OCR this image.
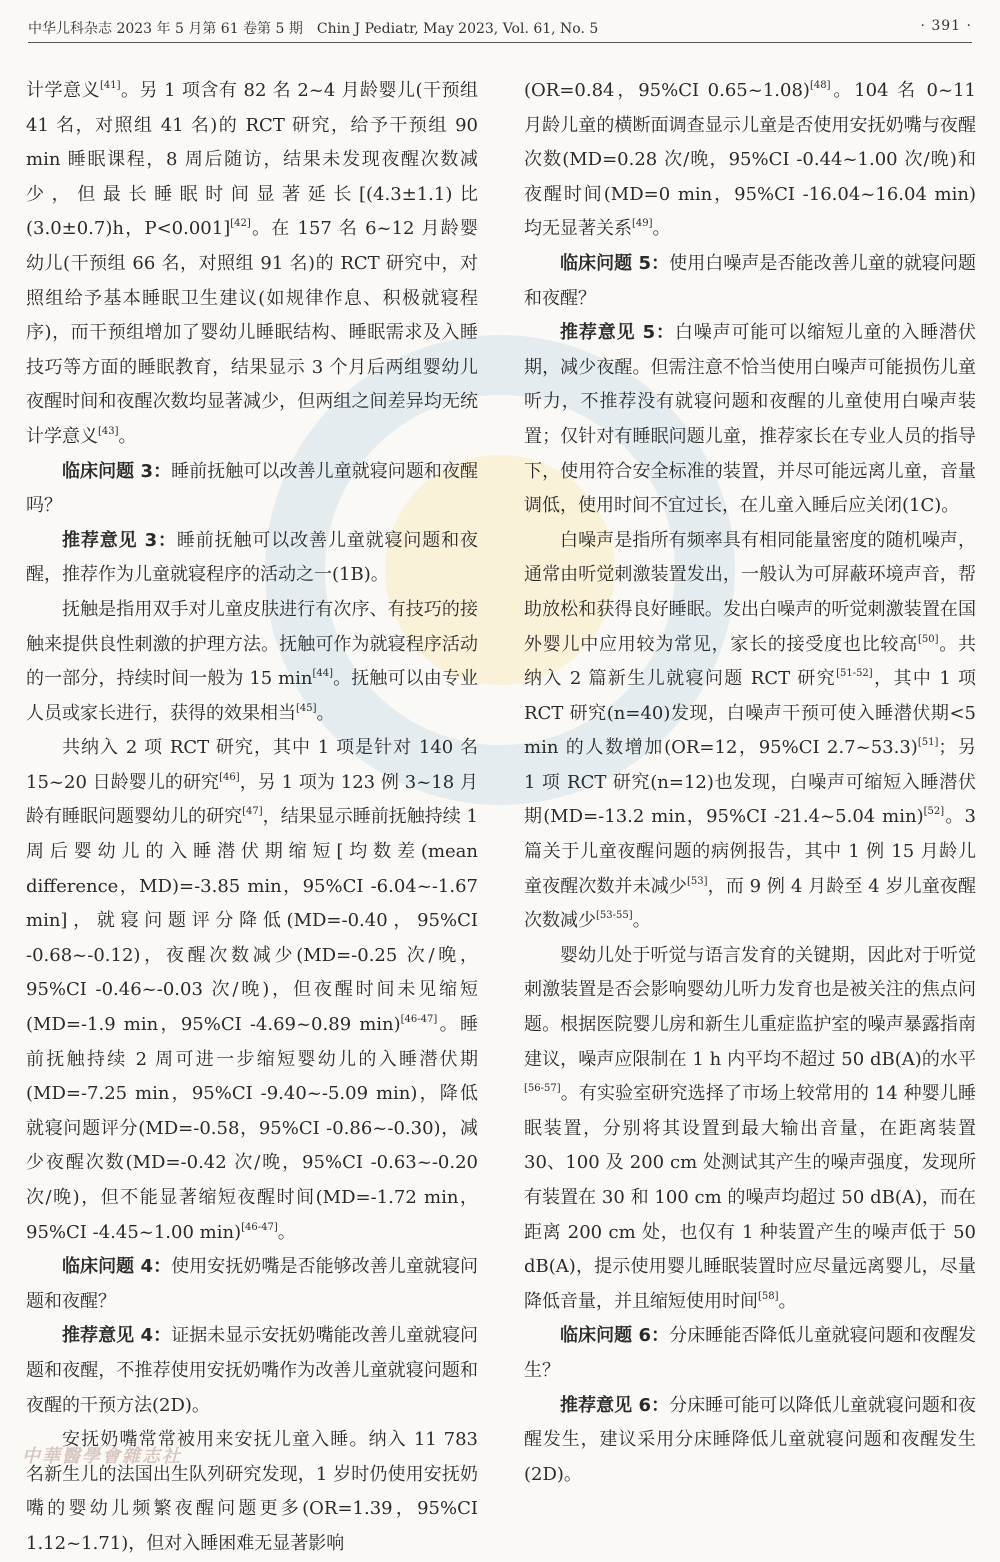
中华儿科杂志 2023 年 5 月第 61 卷第 5 期　Chin J Pediatr, May 2023, Vol. 61, No. 5	· 391 ·

计学意义[41]。另 1 项含有 82 名 2~4 月龄婴儿(干预组 41 名，对照组 41 名)的 RCT 研究，给予干预组 90 min 睡眠课程，8 周后随访，结果未发现夜醒次数减少，但最长睡眠时间显著延长[(4.3±1.1)比(3.0±0.7)h，P<0.001][42]。在 157 名 6~12 月龄婴幼儿(干预组 66 名，对照组 91 名)的 RCT 研究中，对照组给予基本睡眠卫生建议(如规律作息、积极就寝程序)，而干预组增加了婴幼儿睡眠结构、睡眠需求及入睡技巧等方面的睡眠教育，结果显示 3 个月后两组婴幼儿夜醒时间和夜醒次数均显著减少，但两组之间差异均无统计学意义[43]。

临床问题 3：睡前抚触可以改善儿童就寝问题和夜醒吗？

推荐意见 3：睡前抚触可以改善儿童就寝问题和夜醒，推荐作为儿童就寝程序的活动之一(1B)。

抚触是指用双手对儿童皮肤进行有次序、有技巧的接触来提供良性刺激的护理方法。抚触可作为就寝程序活动的一部分，持续时间一般为 15 min[44]。抚触可以由专业人员或家长进行，获得的效果相当[45]。

共纳入 2 项 RCT 研究，其中 1 项是针对 140 名 15~20 日龄婴儿的研究[46]，另 1 项为 123 例 3~18 月龄有睡眠问题婴幼儿的研究[47]，结果显示睡前抚触持续 1 周后婴幼儿的入睡潜伏期缩短[均数差(mean difference，MD)=-3.85 min，95%CI -6.04~-1.67 min]，就寝问题评分降低(MD=-0.40，95%CI -0.68~-0.12)，夜醒次数减少(MD=-0.25 次/晚，95%CI -0.46~-0.03 次/晚)，但夜醒时间未见缩短(MD=-1.9 min，95%CI -4.69~0.89 min)[46-47]。睡前抚触持续 2 周可进一步缩短婴幼儿的入睡潜伏期(MD=-7.25 min，95%CI -9.40~-5.09 min)，降低就寝问题评分(MD=-0.58，95%CI -0.86~-0.30)，减少夜醒次数(MD=-0.42 次/晚，95%CI -0.63~-0.20 次/晚)，但不能显著缩短夜醒时间(MD=-1.72 min，95%CI -4.45~1.00 min)[46-47]。

临床问题 4：使用安抚奶嘴是否能够改善儿童就寝问题和夜醒？

推荐意见 4：证据未显示安抚奶嘴能改善儿童就寝问题和夜醒，不推荐使用安抚奶嘴作为改善儿童就寝问题和夜醒的干预方法(2D)。

安抚奶嘴常常被用来安抚儿童入睡。纳入 11 783 名新生儿的法国出生队列研究发现，1 岁时仍使用安抚奶嘴的婴幼儿频繁夜醒问题更多(OR=1.39，95%CI 1.12~1.71)，但对入睡困难无显著影响

(OR=0.84，95%CI 0.65~1.08)[48]。104 名 0~11 月龄儿童的横断面调查显示儿童是否使用安抚奶嘴与夜醒次数(MD=0.28 次/晚，95%CI -0.44~1.00 次/晚)和夜醒时间(MD=0 min，95%CI -16.04~16.04 min)均无显著关系[49]。

临床问题 5：使用白噪声是否能改善儿童的就寝问题和夜醒？

推荐意见 5：白噪声可能可以缩短儿童的入睡潜伏期，减少夜醒。但需注意不恰当使用白噪声可能损伤儿童听力，不推荐没有就寝问题和夜醒的儿童使用白噪声装置；仅针对有睡眠问题儿童，推荐家长在专业人员的指导下，使用符合安全标准的装置，并尽可能远离儿童，音量调低，使用时间不宜过长，在儿童入睡后应关闭(1C)。

白噪声是指所有频率具有相同能量密度的随机噪声，通常由听觉刺激装置发出，一般认为可屏蔽环境声音，帮助放松和获得良好睡眠。发出白噪声的听觉刺激装置在国外婴儿中应用较为常见，家长的接受度也比较高[50]。共纳入 2 篇新生儿就寝问题 RCT 研究[51-52]，其中 1 项 RCT 研究(n=40)发现，白噪声干预可使入睡潜伏期<5 min 的人数增加(OR=12，95%CI 2.7~53.3)[51]；另 1 项 RCT 研究(n=12)也发现，白噪声可缩短入睡潜伏期(MD=-13.2 min，95%CI -21.4~5.04 min)[52]。3 篇关于儿童夜醒问题的病例报告，其中 1 例 15 月龄儿童夜醒次数并未减少[53]，而 9 例 4 月龄至 4 岁儿童夜醒次数减少[53-55]。

婴幼儿处于听觉与语言发育的关键期，因此对于听觉刺激装置是否会影响婴幼儿听力发育也是被关注的焦点问题。根据医院婴儿房和新生儿重症监护室的噪声暴露指南建议，噪声应限制在 1 h 内平均不超过 50 dB(A)的水平[56-57]。有实验室研究选择了市场上较常用的 14 种婴儿睡眠装置，分别将其设置到最大输出音量，在距离装置 30、100 及 200 cm 处测试其产生的噪声强度，发现所有装置在 30 和 100 cm 的噪声均超过 50 dB(A)，而在距离 200 cm 处，也仅有 1 种装置产生的噪声低于 50 dB(A)，提示使用婴儿睡眠装置时应尽量远离婴儿，尽量降低音量，并且缩短使用时间[58]。

临床问题 6：分床睡能否降低儿童就寝问题和夜醒发生？

推荐意见 6：分床睡可能可以降低儿童就寝问题和夜醒发生，建议采用分床睡降低儿童就寝问题和夜醒发生(2D)。

中華醫學會雜志社
